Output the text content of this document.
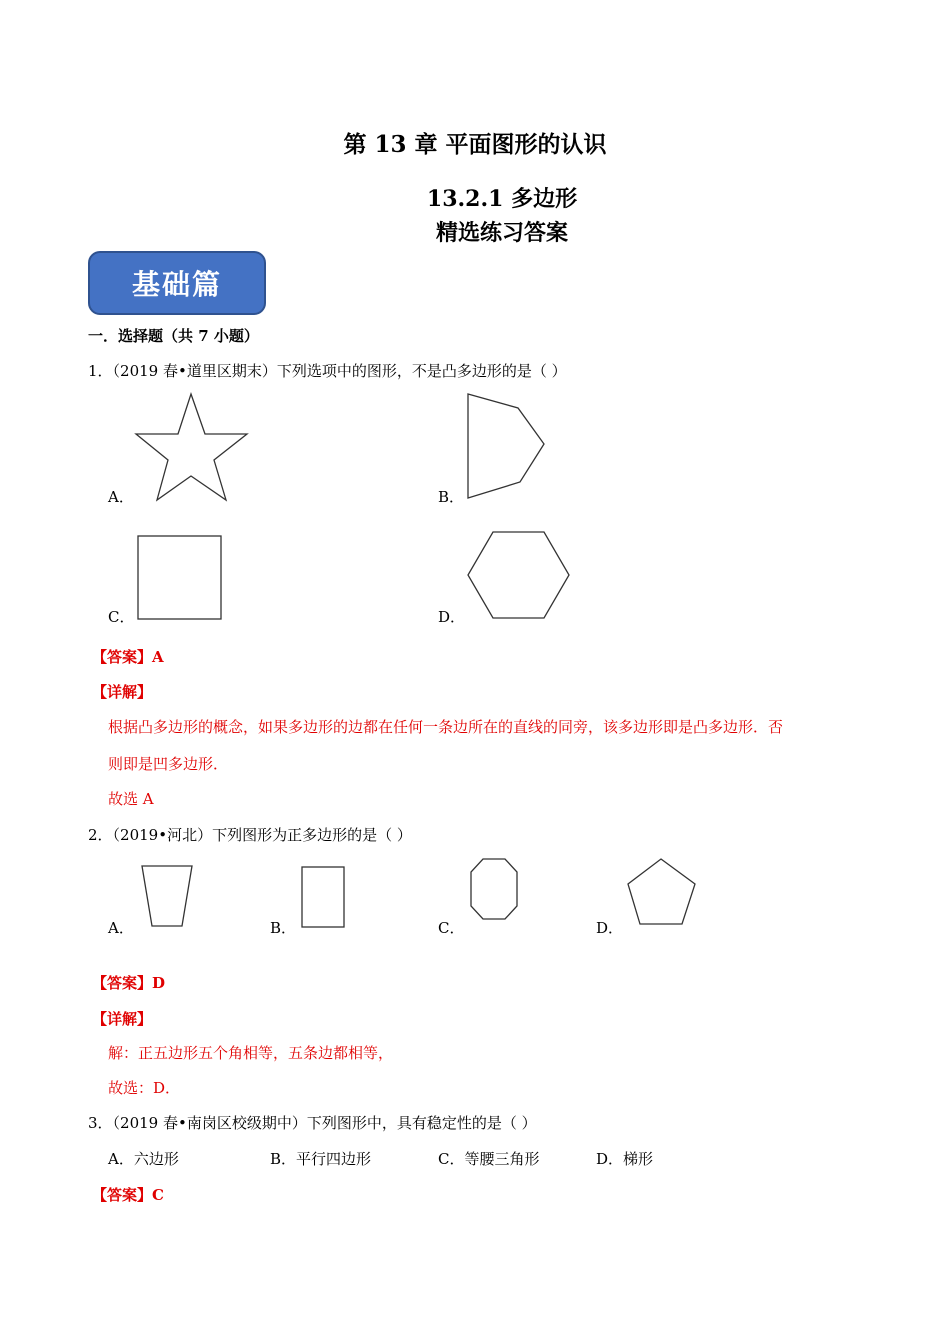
第 13 章 平面图形的认识
13.2.1 多边形
精选练习答案
基础篇
一．选择题（共 7 小题）
1．（2019 春•道里区期末）下列选项中的图形，不是凸多边形的是（ ）
A．	B．
C．	D．
【答案】A
【详解】
根据凸多边形的概念，如果多边形的边都在任何一条边所在的直线的同旁，该多边形即是凸多边形．否
则即是凹多边形．
故选 A
2．（2019•河北）下列图形为正多边形的是（ ）
A．	B．	C．	D．
【答案】D
【详解】
解：正五边形五个角相等，五条边都相等，
故选：D．
3．（2019 春•南岗区校级期中）下列图形中，具有稳定性的是（ ）
A．六边形	B．平行四边形	C．等腰三角形	D．梯形
【答案】C
